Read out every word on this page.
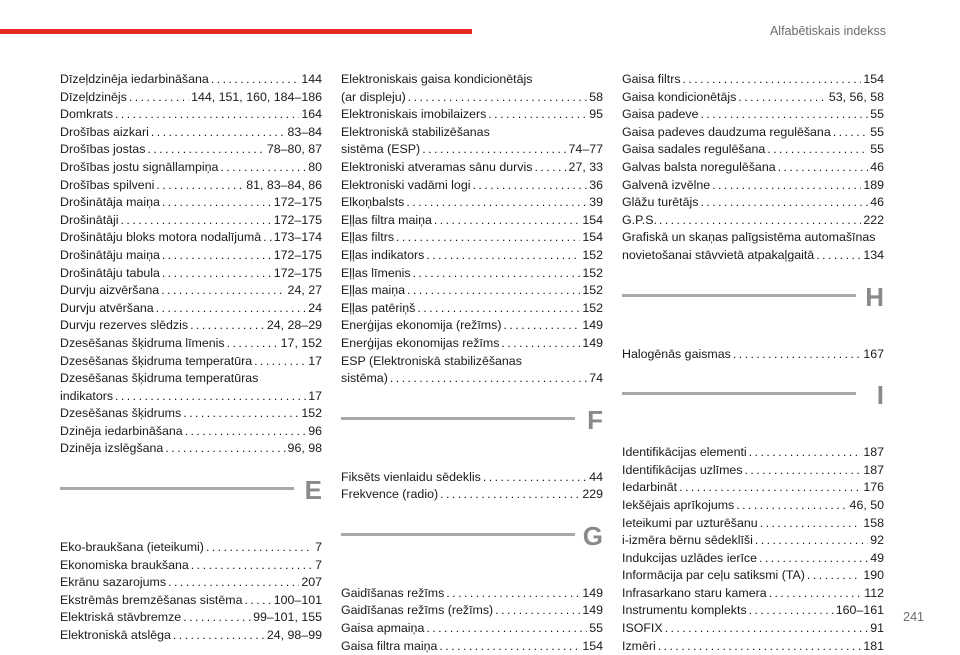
Alfabētiskais indekss
Dīzeļdzinēja iedarbināšana . . .	144
Dīzeļdzinējs . . .	144, 151, 160, 184–186
Domkrats . . .	164
Drošības aizkari . . .	83–84
Drošības jostas . . .	78–80, 87
Drošības jostu signāllampiņa . . .	80
Drošības spilveni . . .	81, 83–84, 86
Drošinātāja maiņa . . .	172–175
Drošinātāji . . .	172–175
Drošinātāju bloks motora nodalījumā . . . 173–174
Drošinātāju maiņa . . .	172–175
Drošinātāju tabula . . .	172–175
Durvju aizvēršana . . .	24, 27
Durvju atvēršana . . .	24
Durvju rezerves slēdzis . . .	24, 28–29
Dzesēšanas šķidruma līmenis . . .	17, 152
Dzesēšanas šķidruma temperatūra . . .	17
Dzesēšanas šķidruma temperatūras
indikators . . .	17
Dzesēšanas šķidrums . . .	152
Dzinēja iedarbināšana . . .	96
Dzinēja izslēgšana . . .	96, 98
E
Eko-braukšana (ieteikumi) . . .	7
Ekonomiska braukšana . . .	7
Ekrānu sazarojums . . .	207
Ekstrēmās bremzēšanas sistēma . . .	100–101
Elektriskā stāvbremze . . .	99–101, 155
Elektroniskā atslēga . . .	24, 98–99
Elektroniskais gaisa kondicionētājs
(ar displeju) . . .	58
Elektroniskais imobilaizers . . .	95
Elektroniskā stabilizēšanas
sistēma (ESP) . . .	74–77
Elektroniski atveramas sānu durvis . . .	27, 33
Elektroniski vadāmi logi . . .	36
Elkoņbalsts . . .	39
Eļļas filtra maiņa . . .	154
Eļļas filtrs . . .	154
Eļļas indikators . . .	152
Eļļas līmenis . . .	152
Eļļas maiņa . . .	152
Eļļas patēriņš . . .	152
Enerģijas ekonomija (režīms) . . .	149
Enerģijas ekonomijas režīms . . .	149
ESP (Elektroniskā stabilizēšanas
sistēma) . . .	74
F
Fiksēts vienlaidu sēdeklis . . .	44
Frekvence (radio) . . .	229
G
Gaidīšanas režīms . . .	149
Gaidīšanas režīms (režīms) . . .	149
Gaisa apmaiņa . . .	55
Gaisa filtra maiņa . . .	154
Gaisa filtrs . . .	154
Gaisa kondicionētājs . . .	53, 56, 58
Gaisa padeve . . .	55
Gaisa padeves daudzuma regulēšana . . .	55
Gaisa sadales regulēšana . . .	55
Galvas balsta noregulēšana . . .	46
Galvenā izvēlne . . .	189
Glāžu turētājs . . .	46
G.P.S. . . .	222
Grafiskā un skaņas palīgsistēma automašīnas
novietošanai stāvvietā atpakaļgaitā . . .	134
H
Halogēnās gaismas . . .	167
I
Identifikācijas elementi . . .	187
Identifikācijas uzlīmes . . .	187
Iedarbināt . . .	176
Iekšējais aprīkojums . . .	46, 50
Ieteikumi par uzturēšanu . . .	158
i-izmēra bērnu sēdeklīši . . .	92
Indukcijas uzlādes ierīce . . .	49
Informācija par ceļu satiksmi (TA) . . .	190
Infrasarkano staru kamera . . .	112
Instrumentu komplekts . . .	160–161
ISOFIX . . .	91
Izmēri . . .	181
241
